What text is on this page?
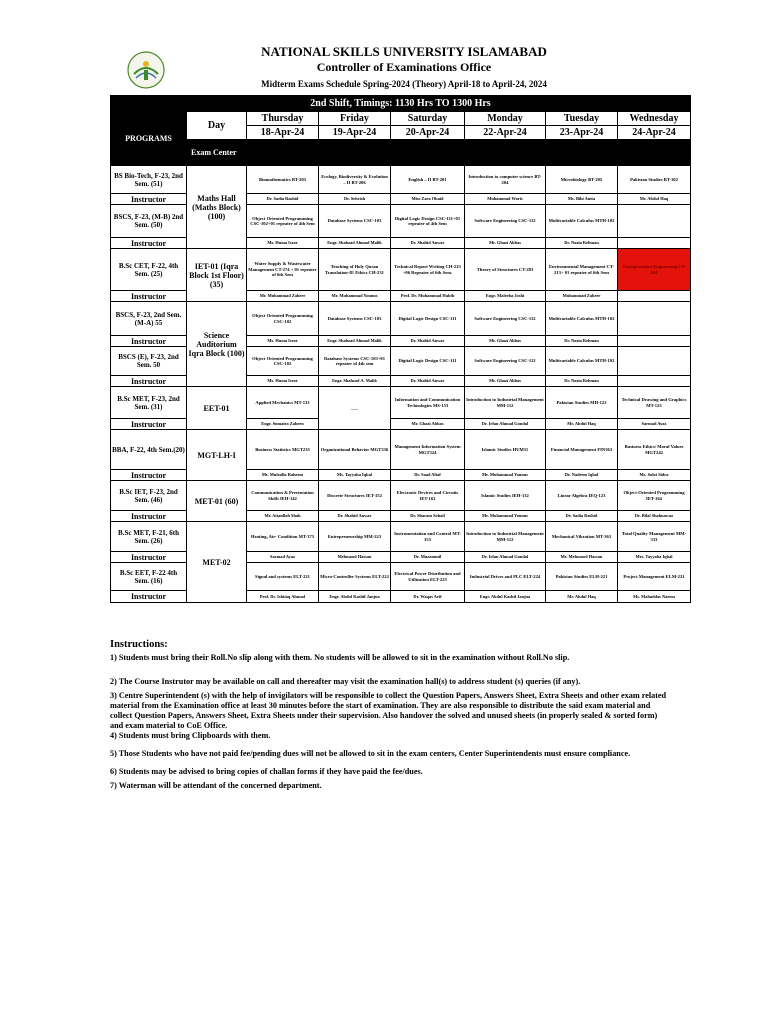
NATIONAL SKILLS UNIVERSITY ISLAMABAD
Controller of Examinations Office
Midterm Exams Schedule Spring-2024 (Theory) April-18 to April-24, 2024
2nd Shift, Timings: 1130 Hrs TO 1300 Hrs							
PROGRAMS	Day	Thursday	Friday	Saturday	Monday	Tuesday	Wednesday
		18-Apr-24	19-Apr-24	20-Apr-24	22-Apr-24	23-Apr-24	24-Apr-24
	Exam Center						
BS Bio-Tech, F-23, 2nd Sem. (51)	Maths Hall (Maths Block) (100)	Biomathematics BT-203	Ecology, Biodiversity & Evolution – II BT-206	English – II BT-201	Introduction to computer science BT-204	Microbiology BT-205	Pakistan Studies BT-102
Instructor		Dr. Sadia Rashid	Dr. Sehrish	Miss Zara Obaid	Muhammad Waris	Ms. Bibi Anita	Mr. Abdul Haq
BSCS, F-23, (M-B) 2nd Sem. (50)		Object Oriented Programming CSC-102+01 repeater of 4th Sem	Database Systems CSC-103	Digital Logic Design CSC-111+01 repeater of 4th Sem	Software Engineering CSC-112	Multivariable Calculus MTH-102	
Instructor		Ms. Huma Israr	Engr. Shahzad Ahmad Malik	Dr. Shahid Anwar	Mr. Ghazi Abbas	Dr. Nazia Rehman	
B.Sc CET, F-22, 4th Sem. (25)	IET-01 (Iqra Block 1st Floor) (35)	Water Supply & Wastewater Management CT-274 + 01 repeater of 6th Sem	Teaching of Holy Quran Translation-II/ Ethics CH-231	Technical Report Writing CH-223 +06 Repeater of 6th Sem.	Theory of Structures CT-283	Environmental Management CT-213+ 01 repeater of 6th Sem	Transportation Engineering CT-264
Instructor		Mr. Muhammad Zaheer	Mr. Muhammad Younus	Prof. Dr. Muhammad Habib	Engr. Maleeha Joshi	Muhammad Zaheer	
BSCS, F-23, 2nd Sem. (M-A) 55	Science Auditorium Iqra Block (100)	Object Oriented Programming CSC-102	Database Systems CSC-103	Digital Logic Design CSC-111	Software Engineering CSC-112	Multivariable Calculus MTH-102	
Instructor		Ms. Huma Israr	Engr. Shahzad Ahmad Malik	Dr. Shahid Anwar	Mr. Ghazi Abbas	Dr. Nazia Rehman	
BSCS (E), F-23, 2nd Sem. 50		Object Oriented Programming CSC-102	Database Systems CSC-103+01 repeater of 4th sem	Digital Logic Design CSC-111	Software Engineering CSC-112	Multivariable Calculus MTH-102	
Instructor		Ms. Huma Israr	Engr. Shahzad A. Malik	Dr. Shahid Anwar	Mr. Ghazi Abbas	Dr. Nazia Rehman	
B.Sc MET, F-23, 2nd Sem. (31)	EET-01	Applied Mechanics MT-133	___	Information and Communication Technologies MS-153	Introduction to Industrial Management MM-112	Pakistan Studies MH-122	Technical Drawing and Graphics MT-123
Instructor		Engr. Sumaira Zaheen		Mr. Ghazi Abbas	Dr. Irfan Ahmad Gondal	Mr. Abdul Haq	Sarmad Ayaz
BBA, F-22, 4th Sem.(20)	MGT-LH-I	Business Statistics MGT235	Organizational Behavior MGT336	Management Information System MGT324	Islamic Studies HUM11	Financial Management FIN363	Business Ethics/ Moral Values MGT242
Instructor		Mr. Mufzalla Raheem	Ms. Tayyaba Iqbal	Dr. Saad Altaf	Mr. Muhammad Younus	Dr. Nadeem Iqbal	Ms. Solat Sidra
B.Sc IET, F-23, 2nd Sem. (46)	MET-01 (60)	Communication & Presentation Skills IEH-142	Discrete Structures IET-152	Electronic Devices and Circuits IET-163	Islamic Studies IEH-132	Linear Algebra IEQ-123	Object-Oriented Programming IET-164
Instructor		Mr. Attaullah Shah	Dr. Shahid Anwar	Dr. Sharam Sohail	Mr. Muhammad Younus	Dr. Sadia Rashid	Dr. Bilal Shahnawaz
B.Sc MET, F-21, 6th Sem. (26)	MET-02	Heating, Air- Condition MT-373	Entrepreneurship MM-223	Instrumentation and Control MT-353	Introduction to Industrial Management MM-112	Mechanical Vibration MT-363	Total Quality Management MM-333
Instructor		Sarmad Ayaz	Mehmood Hassan	Dr. Muzammil	Dr. Irfan Ahmad Gondal	Mr. Mehmood Hassan	Mrs. Tayyaba Iqbal
B.Sc EET, F-22 4th Sem. (16)		Signal and systems ELT-221	Micro-Controller Systems ELT-222	Electrical Power Distribution and Utilization ELT-223	Industrial Drives and PLC ELT-224	Pakistan Studies ELH-221	Project Management ELM-221
Instructor		Prof. Dr. Ishtiaq Ahmad	Engr. Abdul Kashif Janjua	Dr. Waqas Arif	Engr. Abdul Kashif Janjua	Mr. Abdul Haq	Ms. Mahaddas Naeem
Instructions:

1) Students must bring their Roll.No slip along with them. No students will be allowed to sit in the examination without Roll.No slip.

2) The Course Instrutor may be available on call and thereafter may visit the examination hall(s) to address student (s) queries (if any).

3) Centre Superintendent (s) with the help of invigilators will be responsible to collect the Question Papers, Answers Sheet, Extra Sheets and other exam related material from the Examination office at least 30 minutes before the start of examination. They are also responsible to distribute the said exam material and collect Question Papers, Answers Sheet, Extra Sheets under their supervision. Also handover the solved and unused sheets (in properly sealed & sorted form) and exam material to CoE Office.

4) Students must bring Clipboards with them.

5) Those Students who have not paid fee/pending dues will not be allowed to sit in the exam centers, Center Superintendents must ensure compliance.

6) Students may be advised to bring copies of challan forms if they have paid the fee/dues.

7) Waterman will be attendant of the concerned department.
